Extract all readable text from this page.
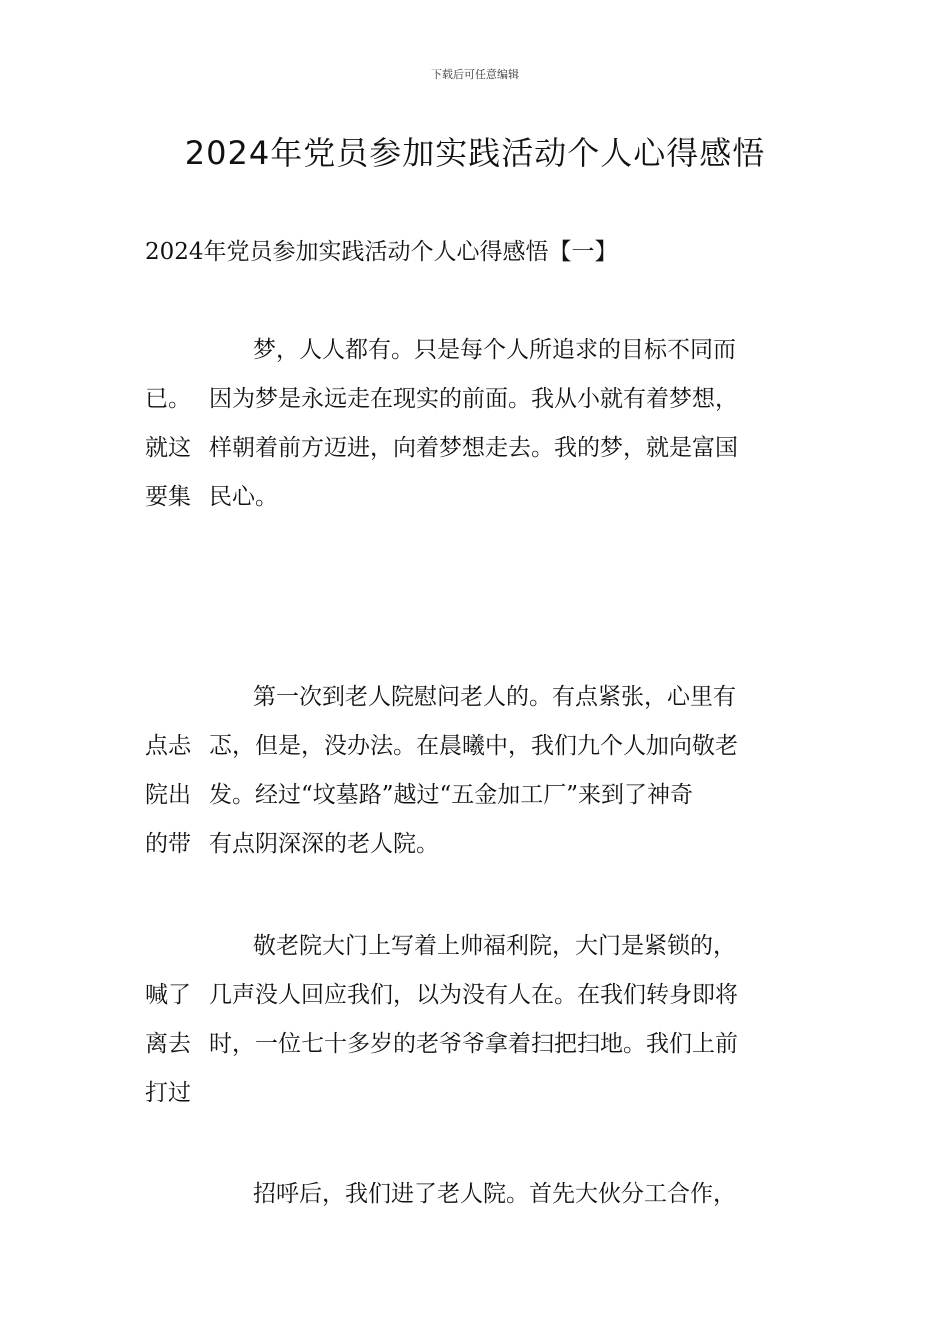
下载后可任意编辑
2024年党员参加实践活动个人心得感悟

2024年党员参加实践活动个人心得感悟【一】

梦，人人都有。只是每个人所追求的目标不同而
已。 因为梦是永远走在现实的前面。我从小就有着梦想，
就这 样朝着前方迈进，向着梦想走去。我的梦，就是富国
要集 民心。
第一次到老人院慰问老人的。有点紧张，心里有
点忐 忑，但是，没办法。在晨曦中，我们九个人加向敬老
院出 发。经过“坟墓路”越过“五金加工厂”来到了神奇
的带 有点阴深深的老人院。
敬老院大门上写着上帅福利院，大门是紧锁的，
喊了 几声没人回应我们，以为没有人在。在我们转身即将
离去 时，一位七十多岁的老爷爷拿着扫把扫地。我们上前
打过
招呼后，我们进了老人院。首先大伙分工合作，
